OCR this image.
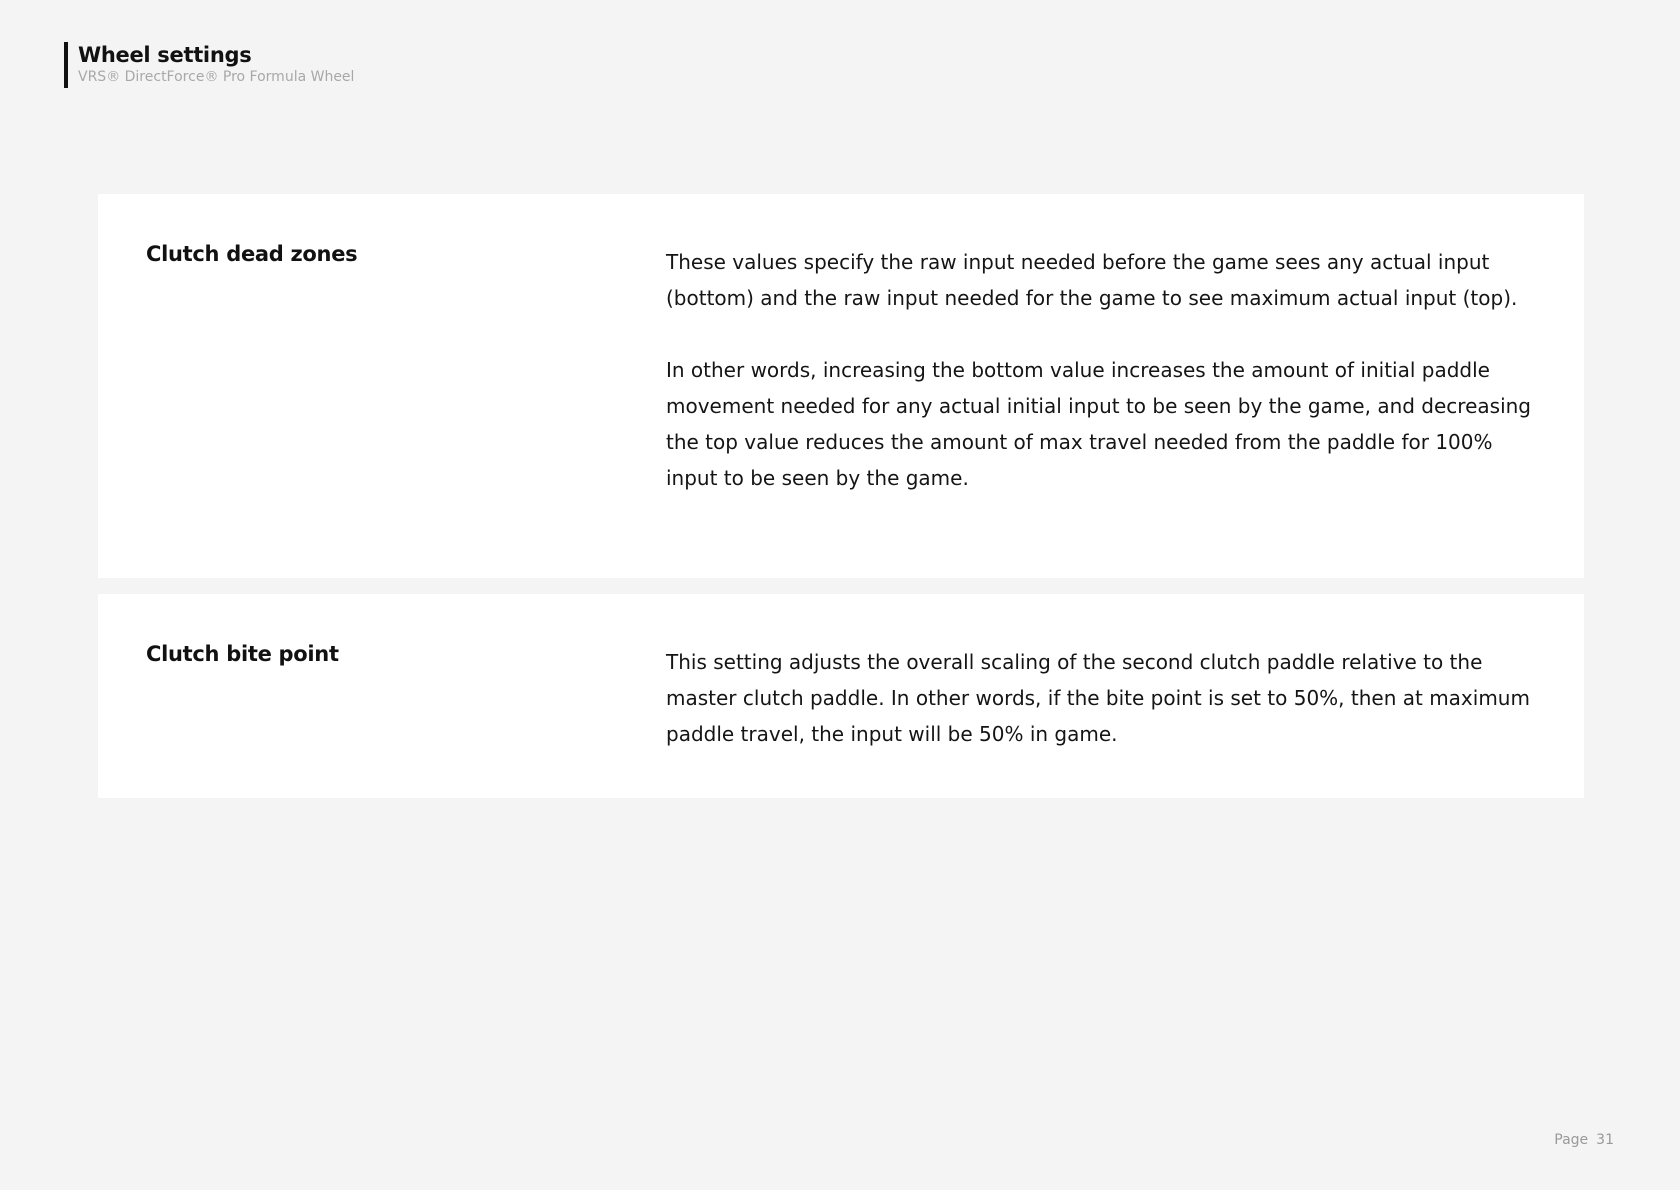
Wheel settings
VRS® DirectForce® Pro Formula Wheel
Clutch dead zones	These values specify the raw input needed before the game sees any actual input (bottom) and the raw input needed for the game to see maximum actual input (top).

In other words, increasing the bottom value increases the amount of initial paddle movement needed for any actual initial input to be seen by the game, and decreasing the top value reduces the amount of max travel needed from the paddle for 100% input to be seen by the game.

Clutch bite point	This setting adjusts the overall scaling of the second clutch paddle relative to the master clutch paddle. In other words, if the bite point is set to 50%, then at maximum paddle travel, the input will be 50% in game.

Page 31
